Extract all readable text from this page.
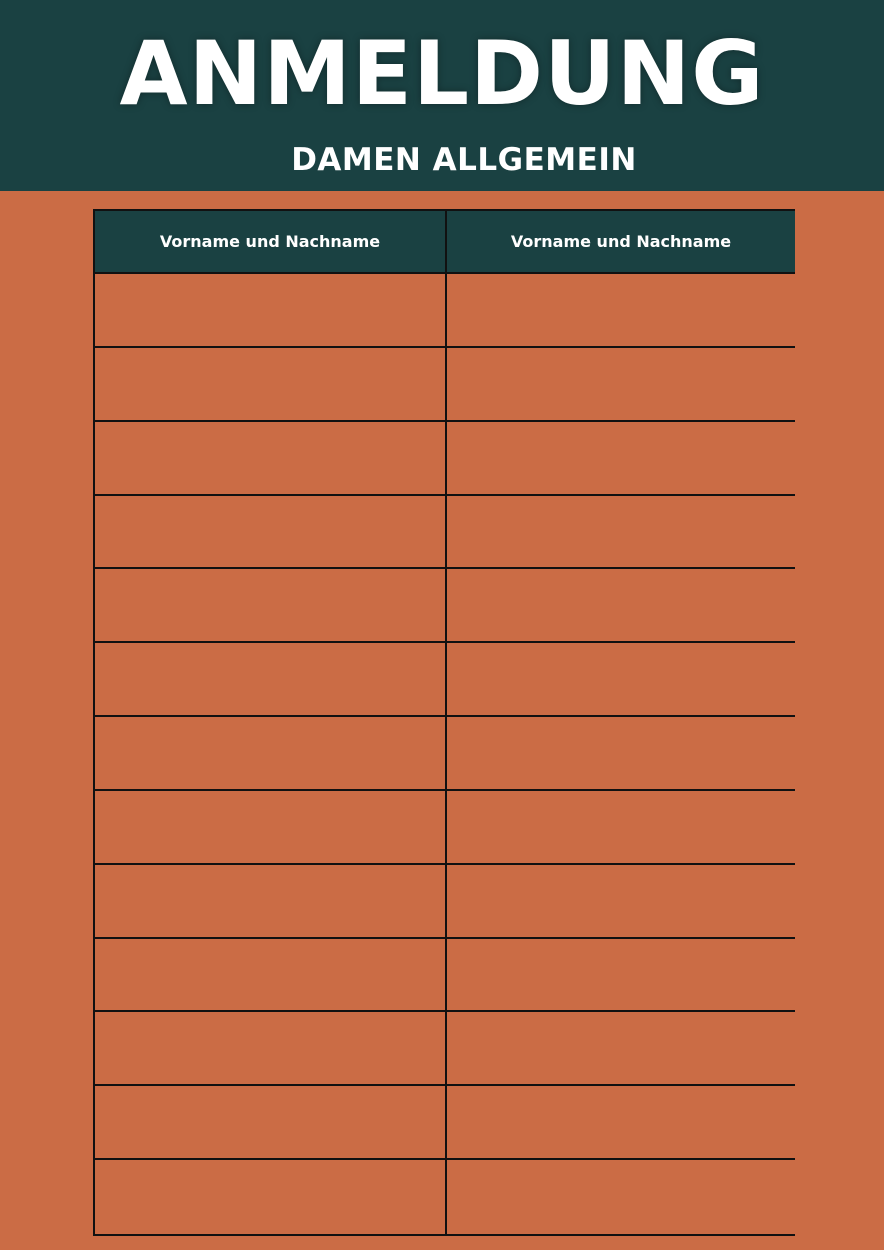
ANMELDUNG
DAMEN ALLGEMEIN
Vorname und Nachname	Vorname und Nachname
